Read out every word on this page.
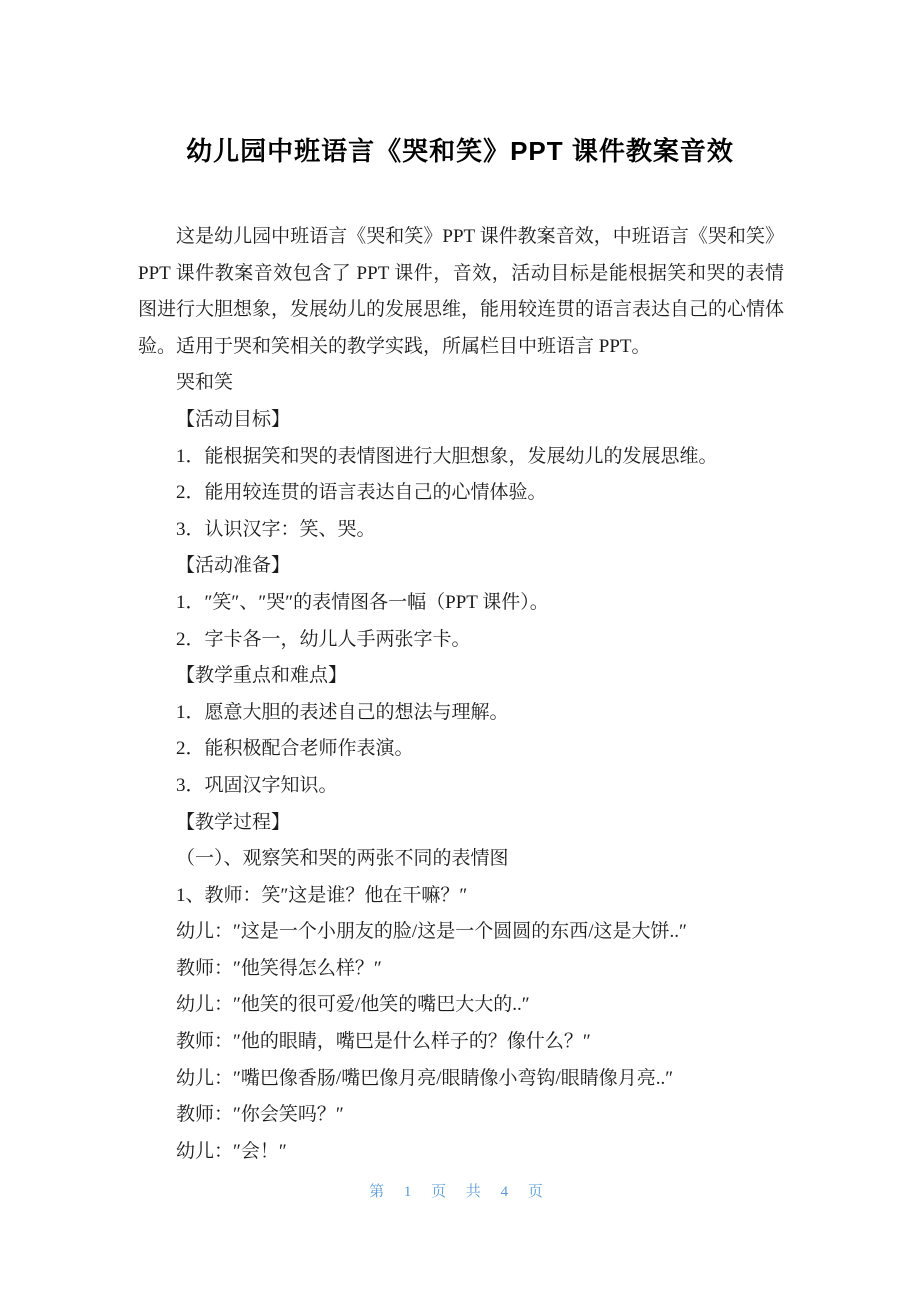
幼儿园中班语言《哭和笑》PPT 课件教案音效

这是幼儿园中班语言《哭和笑》PPT 课件教案音效，中班语言《哭和笑》PPT 课件教案音效包含了 PPT 课件，音效，活动目标是能根据笑和哭的表情图进行大胆想象，发展幼儿的发展思维，能用较连贯的语言表达自己的心情体验。适用于哭和笑相关的教学实践，所属栏目中班语言 PPT。

哭和笑

【活动目标】

1．能根据笑和哭的表情图进行大胆想象，发展幼儿的发展思维。

2．能用较连贯的语言表达自己的心情体验。

3．认识汉字：笑、哭。

【活动准备】

1．″笑″、″哭″的表情图各一幅（PPT 课件）。

2．字卡各一，幼儿人手两张字卡。

【教学重点和难点】

1．愿意大胆的表述自己的想法与理解。

2．能积极配合老师作表演。

3．巩固汉字知识。

【教学过程】

（一）、观察笑和哭的两张不同的表情图

1、教师：笑″这是谁？他在干嘛？″

幼儿：″这是一个小朋友的脸/这是一个圆圆的东西/这是大饼..″

教师：″他笑得怎么样？″

幼儿：″他笑的很可爱/他笑的嘴巴大大的..″

教师：″他的眼睛，嘴巴是什么样子的？像什么？″

幼儿：″嘴巴像香肠/嘴巴像月亮/眼睛像小弯钩/眼睛像月亮..″

教师：″你会笑吗？″

幼儿：″会！″

第 1 页 共 4 页
